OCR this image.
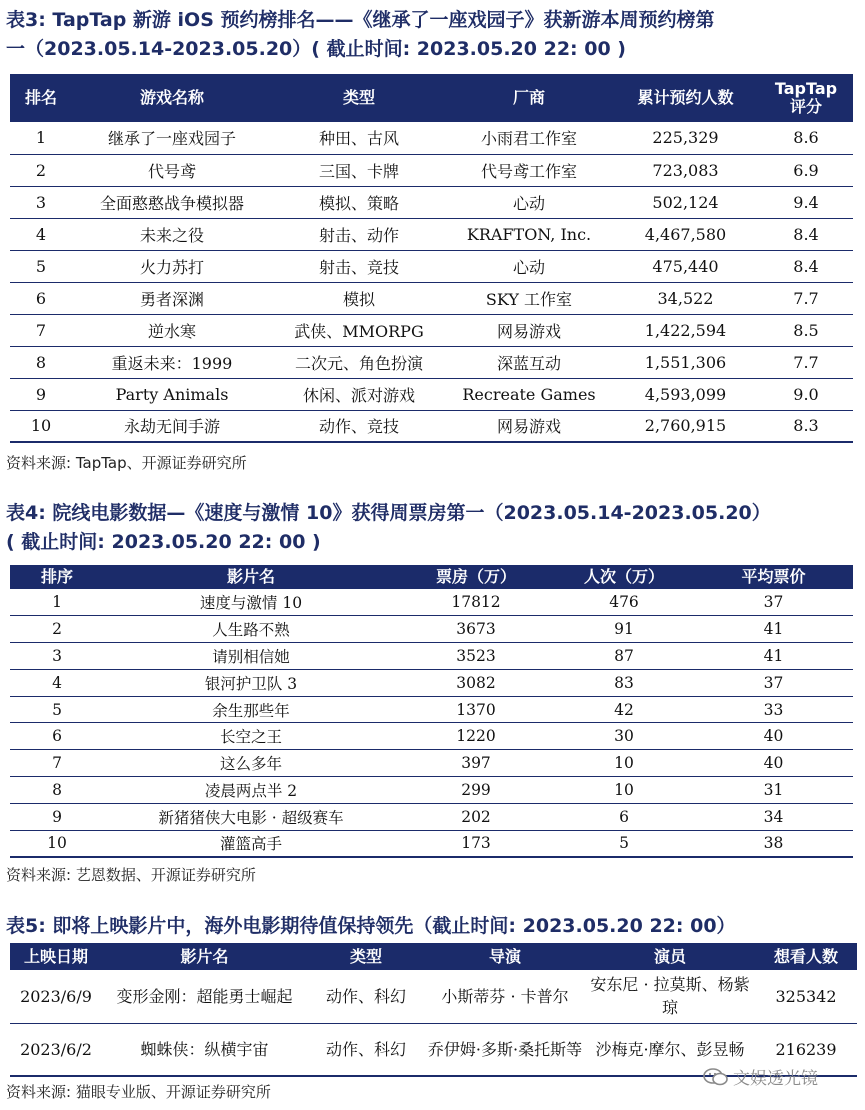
表3: TapTap 新游 iOS 预约榜排名——《继承了一座戏园子》获新游本周预约榜第
一（2023.05.14-2023.05.20）( 截止时间: 2023.05.20 22: 00 )
排名	游戏名称	类型	厂商	累计预约人数	TapTap
评分

1	继承了一座戏园子	种田、古风	小雨君工作室	225,329	8.6
2	代号鸢	三国、卡牌	代号鸢工作室	723,083	6.9
3	全面憨憨战争模拟器	模拟、策略	心动	502,124	9.4
4	未来之役	射击、动作	KRAFTON, Inc.	4,467,580	8.4
5	火力苏打	射击、竞技	心动	475,440	8.4
6	勇者深渊	模拟	SKY 工作室	34,522	7.7
7	逆水寒	武侠、MMORPG	网易游戏	1,422,594	8.5
8	重返未来：1999	二次元、角色扮演	深蓝互动	1,551,306	7.7
9	Party Animals	休闲、派对游戏	Recreate Games	4,593,099	9.0
10	永劫无间手游	动作、竞技	网易游戏	2,760,915	8.3
资料来源: TapTap、开源证券研究所
表4: 院线电影数据—《速度与激情 10》获得周票房第一（2023.05.14-2023.05.20）
( 截止时间: 2023.05.20 22: 00 )
排序	影片名	票房（万）	人次（万）	平均票价
1	速度与激情 10	17812	476	37
2	人生路不熟	3673	91	41
3	请别相信她	3523	87	41
4	银河护卫队 3	3082	83	37
5	余生那些年	1370	42	33
6	长空之王	1220	30	40
7	这么多年	397	10	40
8	凌晨两点半 2	299	10	31
9	新猪猪侠大电影 · 超级赛车	202	6	34
10	灌篮高手	173	5	38
资料来源: 艺恩数据、开源证券研究所
表5: 即将上映影片中，海外电影期待值保持领先（截止时间: 2023.05.20 22: 00）
上映日期	影片名	类型	导演	演员	想看人数
2023/6/9	变形金刚：超能勇士崛起	动作、科幻	小斯蒂芬 · 卡普尔	安东尼 · 拉莫斯、杨紫琼	325342
2023/6/2	蜘蛛侠：纵横宇宙	动作、科幻	乔伊姆·多斯·桑托斯等	沙梅克·摩尔、彭昱畅	216239
资料来源: 猫眼专业版、开源证券研究所
文娱透光镜
